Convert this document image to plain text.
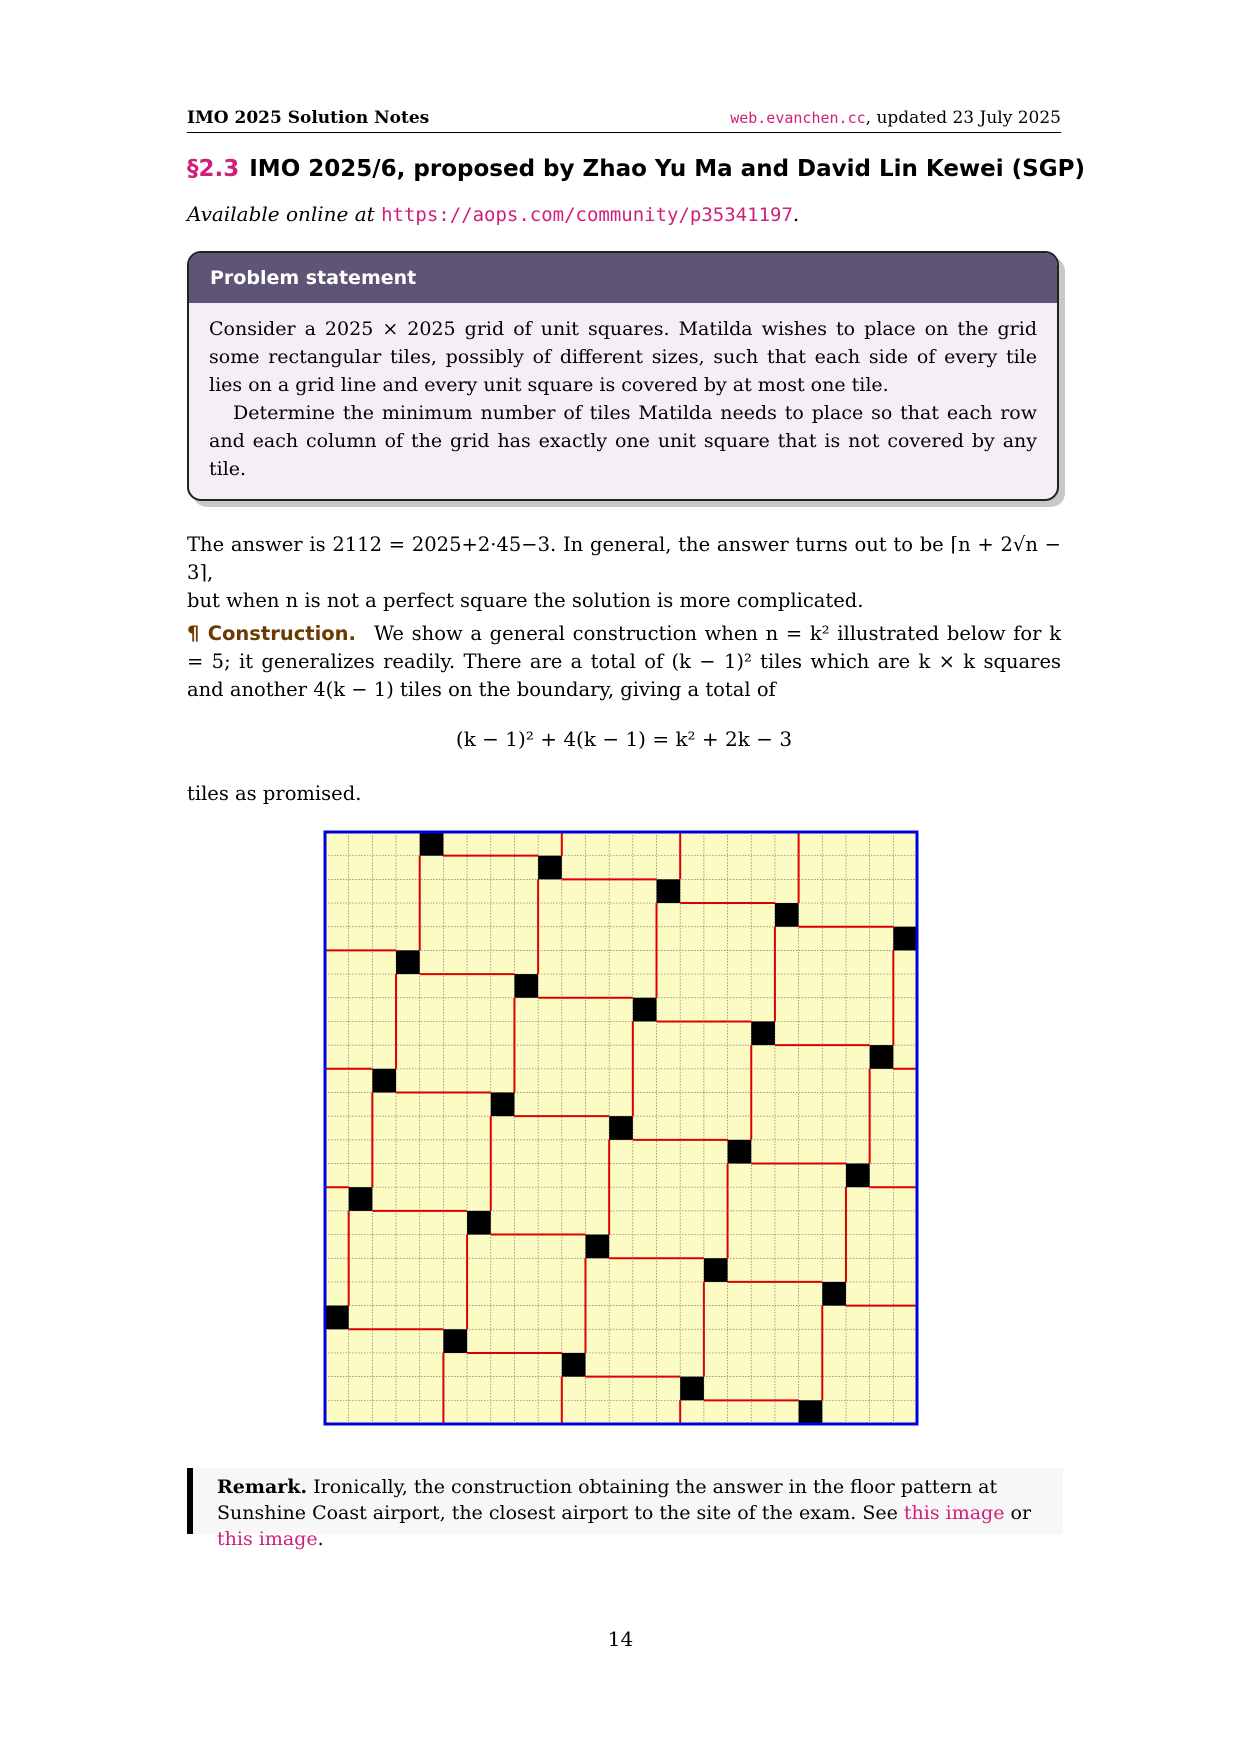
IMO 2025 Solution Notes	web.evanchen.cc, updated 23 July 2025
§2.3 IMO 2025/6, proposed by Zhao Yu Ma and David Lin Kewei (SGP)
Available online at https://aops.com/community/p35341197.
Problem statement

Consider a 2025 × 2025 grid of unit squares. Matilda wishes to place on the grid some rectangular tiles, possibly of different sizes, such that each side of every tile lies on a grid line and every unit square is covered by at most one tile.

Determine the minimum number of tiles Matilda needs to place so that each row and each column of the grid has exactly one unit square that is not covered by any tile.

The answer is 2112 = 2025+2·45−3. In general, the answer turns out to be ⌈n + 2√n − 3⌉,

but when n is not a perfect square the solution is more complicated.

¶ Construction. We show a general construction when n = k² illustrated below for k = 5; it generalizes readily. There are a total of (k − 1)² tiles which are k × k squares and another 4(k − 1) tiles on the boundary, giving a total of

(k − 1)² + 4(k − 1) = k² + 2k − 3

tiles as promised.

Remark. Ironically, the construction obtaining the answer in the floor pattern at Sunshine Coast airport, the closest airport to the site of the exam. See this image or this image.
14
